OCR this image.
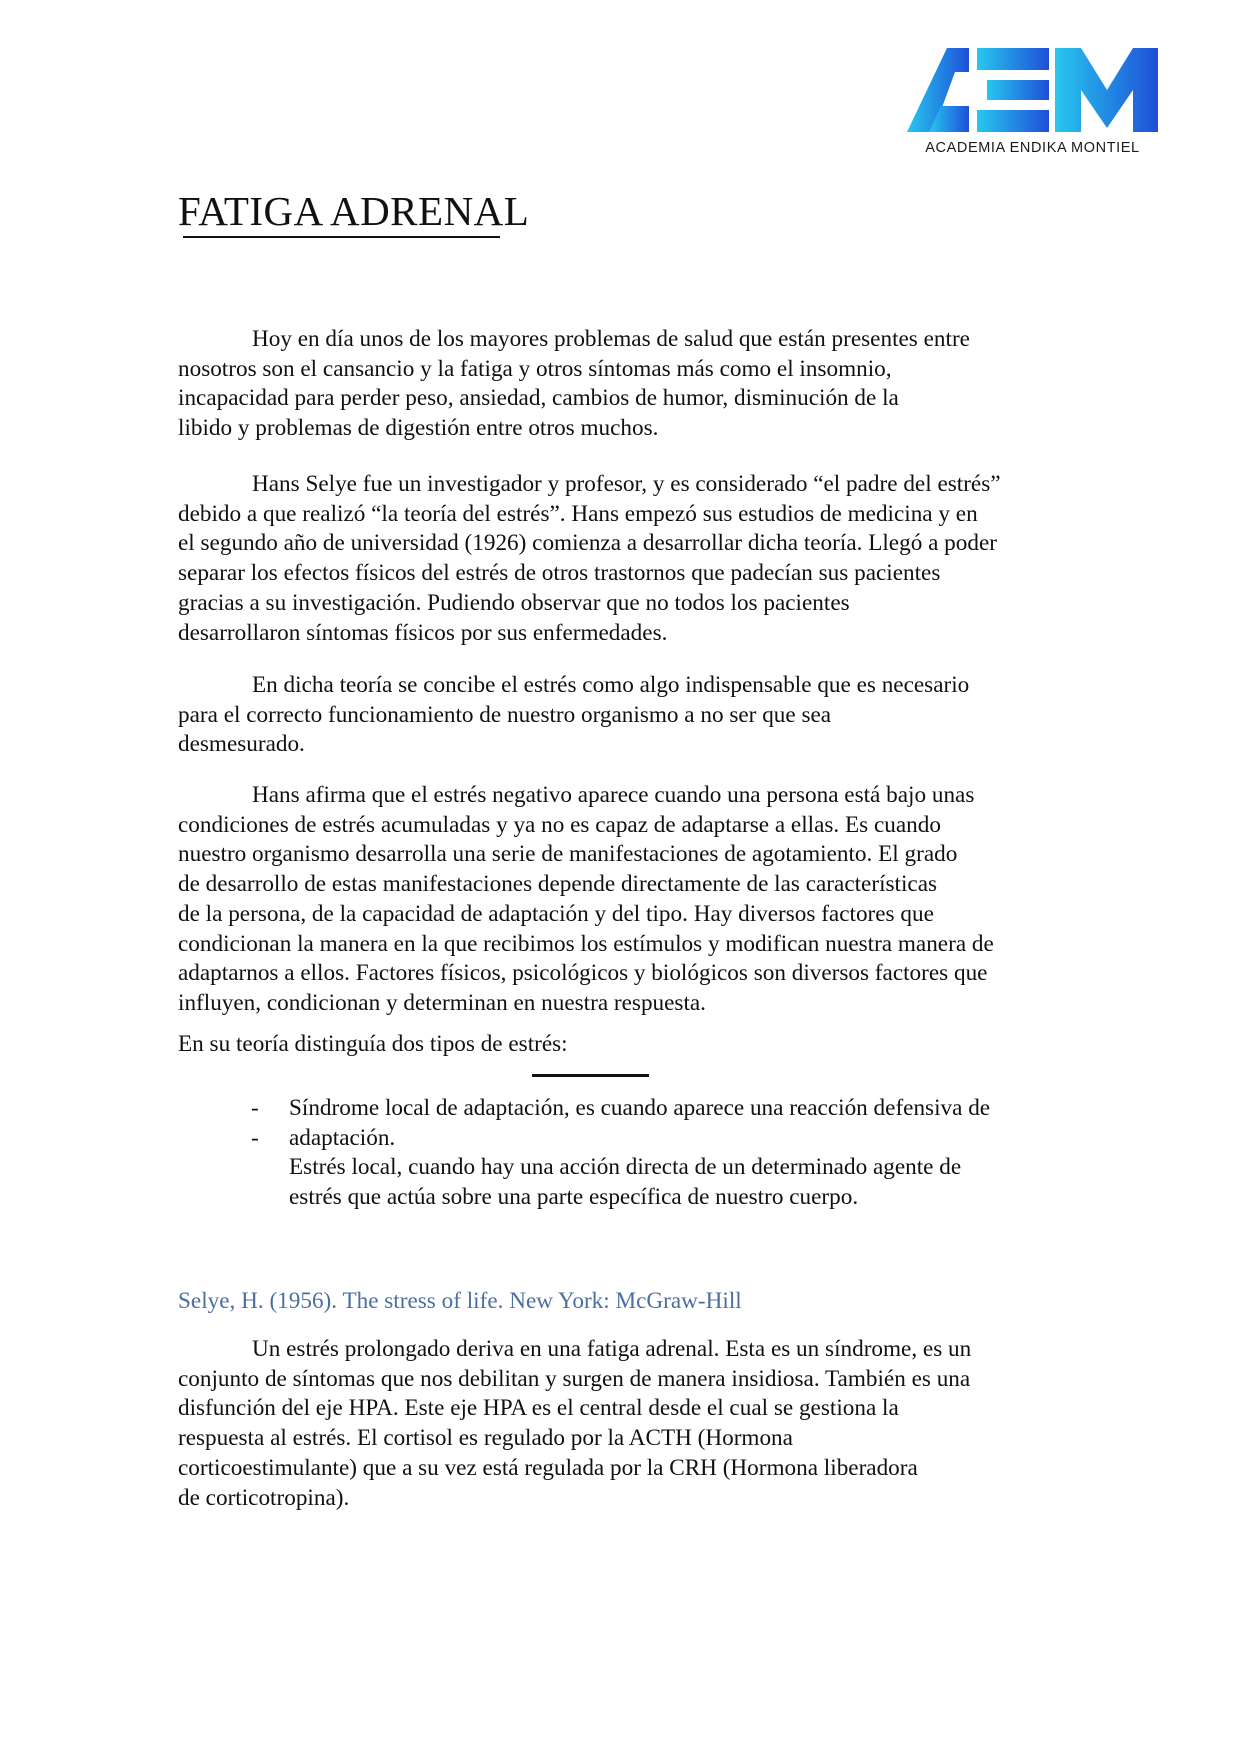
ACADEMIA ENDIKA MONTIEL
FATIGA ADRENAL

Hoy en día unos de los mayores problemas de salud que están presentes entre
nosotros son el cansancio y la fatiga y otros síntomas más como el insomnio,
incapacidad para perder peso, ansiedad, cambios de humor, disminución de la
libido y problemas de digestión entre otros muchos.

Hans Selye fue un investigador y profesor, y es considerado “el padre del estrés”
debido a que realizó “la teoría del estrés”. Hans empezó sus estudios de medicina y en
el segundo año de universidad (1926) comienza a desarrollar dicha teoría. Llegó a poder
separar los efectos físicos del estrés de otros trastornos que padecían sus pacientes
gracias a su investigación. Pudiendo observar que no todos los pacientes
desarrollaron síntomas físicos por sus enfermedades.

En dicha teoría se concibe el estrés como algo indispensable que es necesario
para el correcto funcionamiento de nuestro organismo a no ser que sea
desmesurado.

Hans afirma que el estrés negativo aparece cuando una persona está bajo unas
condiciones de estrés acumuladas y ya no es capaz de adaptarse a ellas. Es cuando
nuestro organismo desarrolla una serie de manifestaciones de agotamiento. El grado
de desarrollo de estas manifestaciones depende directamente de las características
de la persona, de la capacidad de adaptación y del tipo. Hay diversos factores que
condicionan la manera en la que recibimos los estímulos y modifican nuestra manera de
adaptarnos a ellos. Factores físicos, psicológicos y biológicos son diversos factores que
influyen, condicionan y determinan en nuestra respuesta.

En su teoría distinguía dos tipos de estrés:

-
-

Síndrome local de adaptación, es cuando aparece una reacción defensiva de
adaptación.
Estrés local, cuando hay una acción directa de un determinado agente de
estrés que actúa sobre una parte específica de nuestro cuerpo.

Selye, H. (1956). The stress of life. New York: McGraw-Hill

Un estrés prolongado deriva en una fatiga adrenal. Esta es un síndrome, es un
conjunto de síntomas que nos debilitan y surgen de manera insidiosa. También es una
disfunción del eje HPA. Este eje HPA es el central desde el cual se gestiona la
respuesta al estrés. El cortisol es regulado por la ACTH (Hormona
corticoestimulante) que a su vez está regulada por la CRH (Hormona liberadora
de corticotropina).
